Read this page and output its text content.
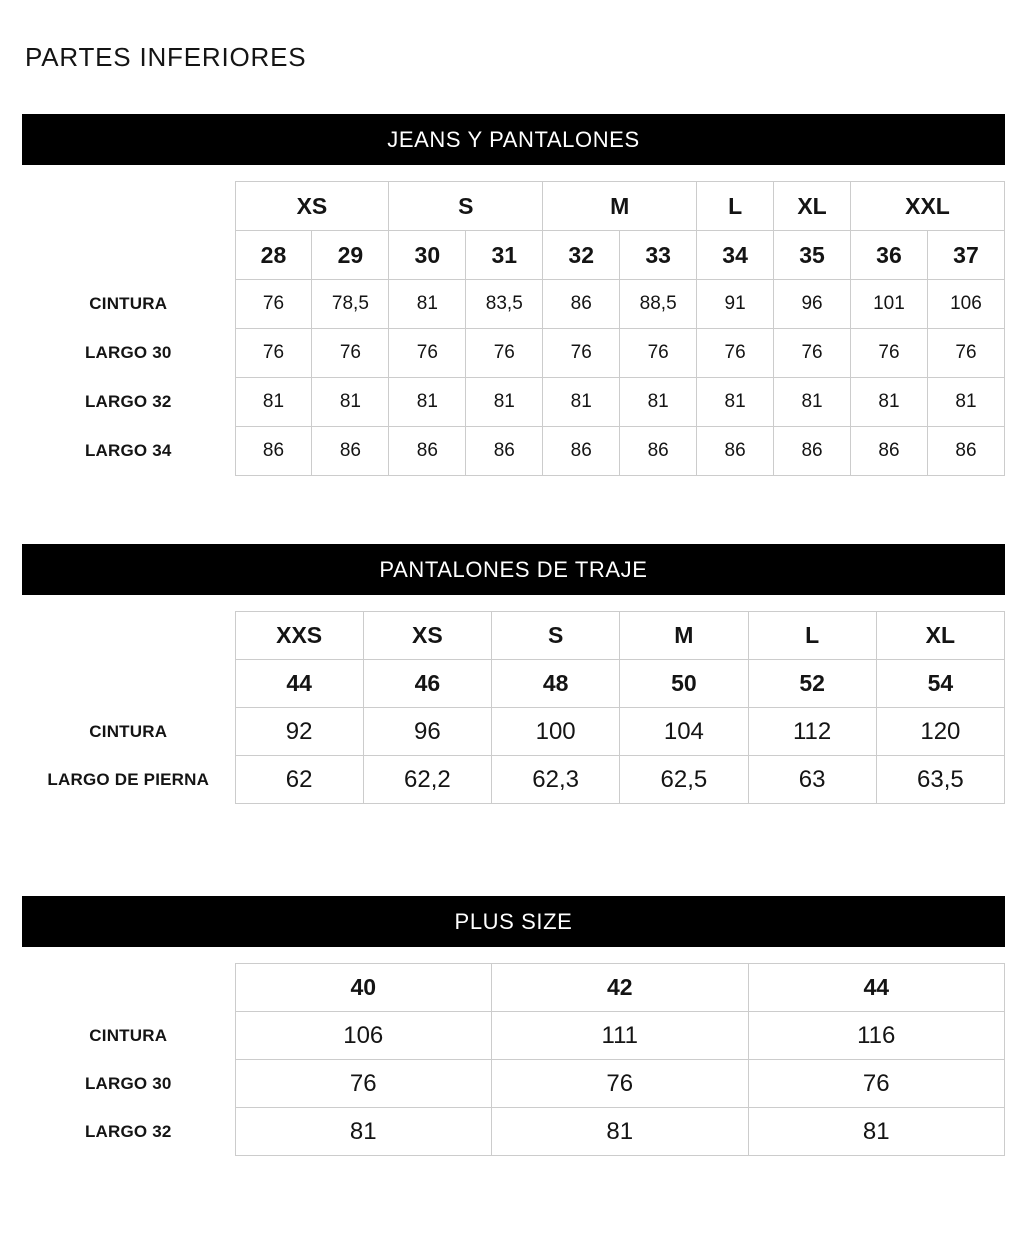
PARTES INFERIORES
JEANS Y PANTALONES
	XS		S		M		L	XL	XXL	
	28	29	30	31	32	33	34	35	36	37
CINTURA	76	78,5	81	83,5	86	88,5	91	96	101	106
LARGO 30	76	76	76	76	76	76	76	76	76	76
LARGO 32	81	81	81	81	81	81	81	81	81	81
LARGO 34	86	86	86	86	86	86	86	86	86	86
PANTALONES DE TRAJE
	XXS	XS	S	M	L	XL
	44	46	48	50	52	54
CINTURA	92	96	100	104	112	120
LARGO DE PIERNA	62	62,2	62,3	62,5	63	63,5
PLUS SIZE
	40	42	44
CINTURA	106	111	116
LARGO 30	76	76	76
LARGO 32	81	81	81
